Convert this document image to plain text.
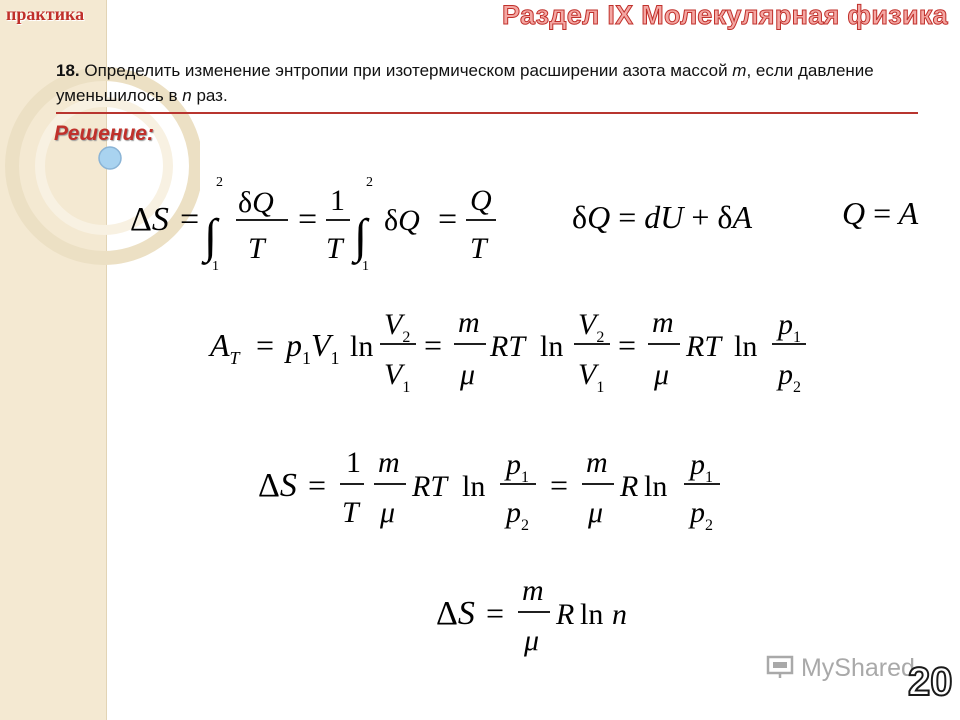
практика	Раздел IX Молекулярная физика
18. Определить изменение энтропии при изотермическом расширении азота массой m, если давление уменьшилось в n раз.
Решение:
ΔS =
2
∫
1
δQ
T
=
1
T
2
∫
1
δQ =
Q
T
δQ = dU + δA	Q = A
$A_T = p_1V_1$ ln
$V_2$
$V_1$
=
m
μ
RT ln
$V_2$
$V_1$
=
m
μ
RT ln
$p_1$
$p_2$
ΔS =
1
T
m
μ
RT ln
$p_1$
$p_2$
=
m
μ
R ln
$p_1$
$p_2$
ΔS =
m
μ
R ln n
MyShared
20
